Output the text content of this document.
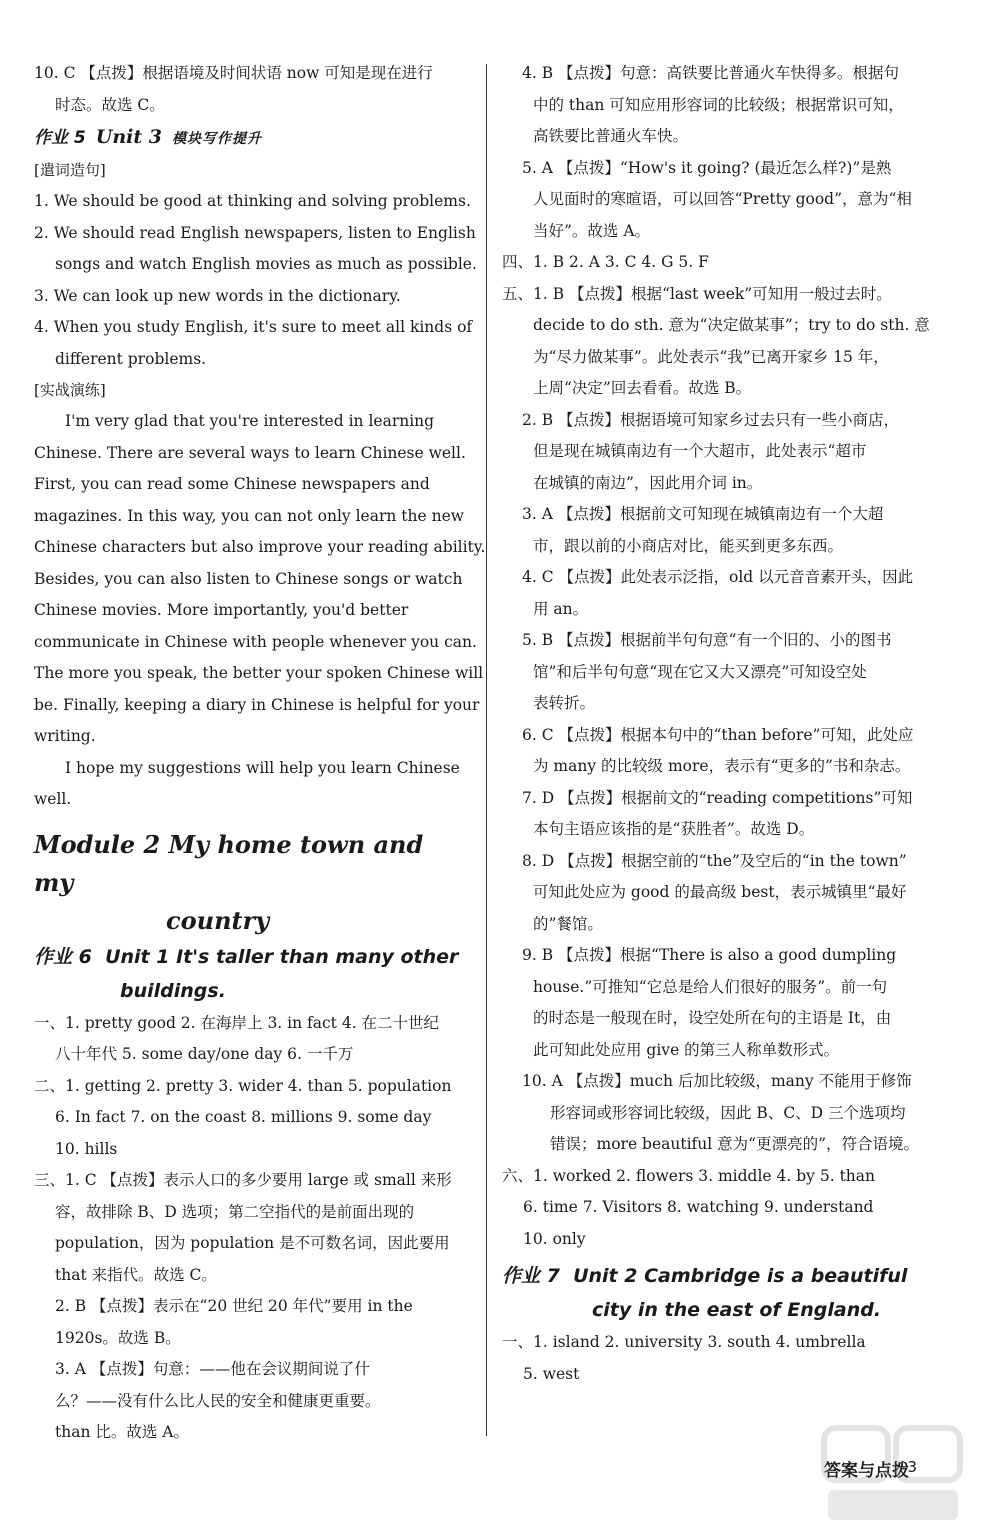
10. C 【点拨】根据语境及时间状语 now 可知是现在进行
时态。故选 C。
作业 5 Unit 3 模块写作提升
[遣词造句]
1. We should be good at thinking and solving problems.
2. We should read English newspapers, listen to English
songs and watch English movies as much as possible.
3. We can look up new words in the dictionary.
4. When you study English, it's sure to meet all kinds of
different problems.
[实战演练]
I'm very glad that you're interested in learning
Chinese. There are several ways to learn Chinese well.
First, you can read some Chinese newspapers and
magazines. In this way, you can not only learn the new
Chinese characters but also improve your reading ability.
Besides, you can also listen to Chinese songs or watch
Chinese movies. More importantly, you'd better
communicate in Chinese with people whenever you can.
The more you speak, the better your spoken Chinese will
be. Finally, keeping a diary in Chinese is helpful for your
writing.
I hope my suggestions will help you learn Chinese
well.
Module 2 My home town and my
country
作业 6 Unit 1 It's taller than many other
buildings.
一、1. pretty good 2. 在海岸上 3. in fact 4. 在二十世纪
八十年代 5. some day/one day 6. 一千万
二、1. getting 2. pretty 3. wider 4. than 5. population
6. In fact 7. on the coast 8. millions 9. some day
10. hills
三、1. C 【点拨】表示人口的多少要用 large 或 small 来形
容，故排除 B、D 选项；第二空指代的是前面出现的
population，因为 population 是不可数名词，因此要用
that 来指代。故选 C。
2. B 【点拨】表示在“20 世纪 20 年代”要用 in the
1920s。故选 B。
3. A 【点拨】句意：——他在会议期间说了什
么？——没有什么比人民的安全和健康更重要。
than 比。故选 A。
4. B 【点拨】句意：高铁要比普通火车快得多。根据句
中的 than 可知应用形容词的比较级；根据常识可知，
高铁要比普通火车快。
5. A 【点拨】“How's it going? (最近怎么样?)”是熟
人见面时的寒暄语，可以回答“Pretty good”，意为“相
当好”。故选 A。
四、1. B 2. A 3. C 4. G 5. F
五、1. B 【点拨】根据“last week”可知用一般过去时。
decide to do sth. 意为“决定做某事”；try to do sth. 意
为“尽力做某事”。此处表示“我”已离开家乡 15 年，
上周“决定”回去看看。故选 B。
2. B 【点拨】根据语境可知家乡过去只有一些小商店，
但是现在城镇南边有一个大超市，此处表示“超市
在城镇的南边”，因此用介词 in。
3. A 【点拨】根据前文可知现在城镇南边有一个大超
市，跟以前的小商店对比，能买到更多东西。
4. C 【点拨】此处表示泛指，old 以元音音素开头，因此
用 an。
5. B 【点拨】根据前半句句意“有一个旧的、小的图书
馆”和后半句句意“现在它又大又漂亮”可知设空处
表转折。
6. C 【点拨】根据本句中的“than before”可知，此处应
为 many 的比较级 more，表示有“更多的”书和杂志。
7. D 【点拨】根据前文的“reading competitions”可知
本句主语应该指的是“获胜者”。故选 D。
8. D 【点拨】根据空前的“the”及空后的“in the town”
可知此处应为 good 的最高级 best，表示城镇里“最好
的”餐馆。
9. B 【点拨】根据“There is also a good dumpling
house.”可推知“它总是给人们很好的服务”。前一句
的时态是一般现在时，设空处所在句的主语是 It，由
此可知此处应用 give 的第三人称单数形式。
10. A 【点拨】much 后加比较级，many 不能用于修饰
形容词或形容词比较级，因此 B、C、D 三个选项均
错误；more beautiful 意为“更漂亮的”，符合语境。
六、1. worked 2. flowers 3. middle 4. by 5. than
6. time 7. Visitors 8. watching 9. understand
10. only
作业 7 Unit 2 Cambridge is a beautiful
city in the east of England.
一、1. island 2. university 3. south 4. umbrella
5. west
答案与点拨
3
